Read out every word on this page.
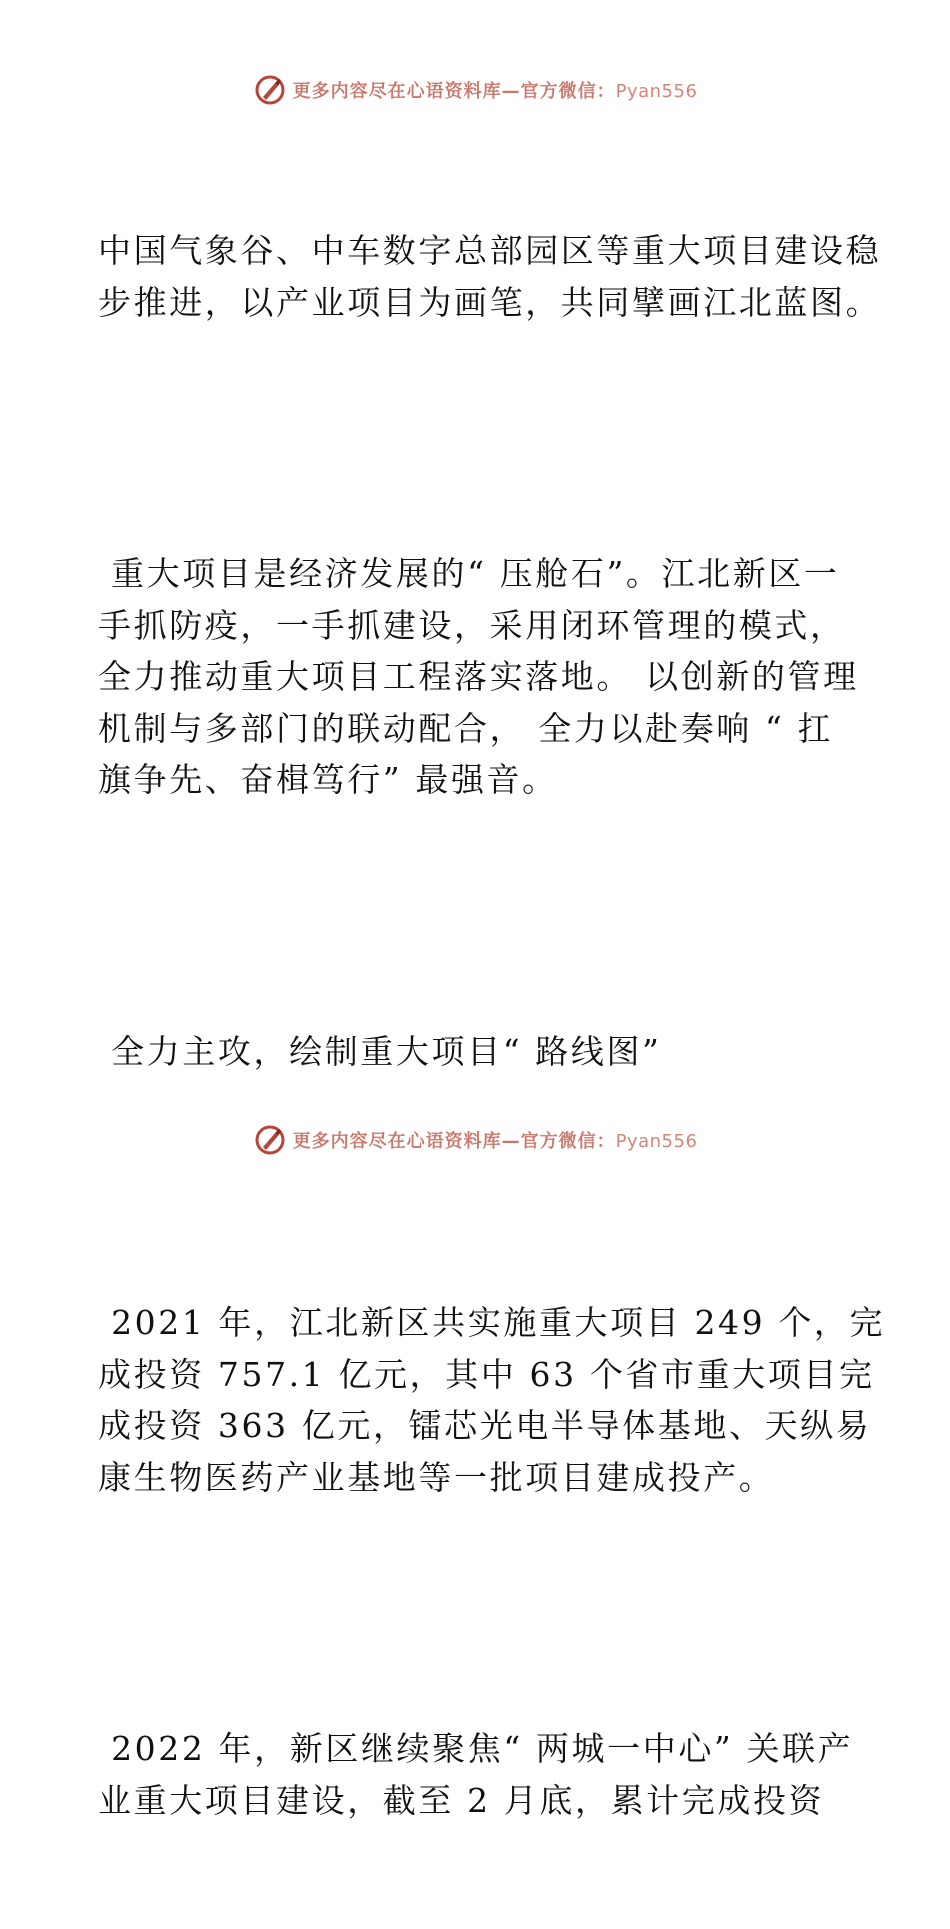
更多内容尽在心语资料库—官方微信：Pyan556

中国气象谷、中车数字总部园区等重大项目建设稳
步推进，以产业项目为画笔，共同擘画江北蓝图。

重大项目是经济发展的“ 压舱石”。江北新区一
手抓防疫，一手抓建设，采用闭环管理的模式，
全力推动重大项目工程落实落地。 以创新的管理
机制与多部门的联动配合， 全力以赴奏响 “ 扛
旗争先、奋楫笃行” 最强音。

全力主攻，绘制重大项目“ 路线图”

2021 年，江北新区共实施重大项目 249 个，完
成投资 757.1 亿元，其中 63 个省市重大项目完
成投资 363 亿元，镭芯光电半导体基地、天纵易
康生物医药产业基地等一批项目建成投产。

2022 年，新区继续聚焦“ 两城一中心” 关联产
业重大项目建设，截至 2 月底，累计完成投资

更多内容尽在心语资料库—官方微信：Pyan556
